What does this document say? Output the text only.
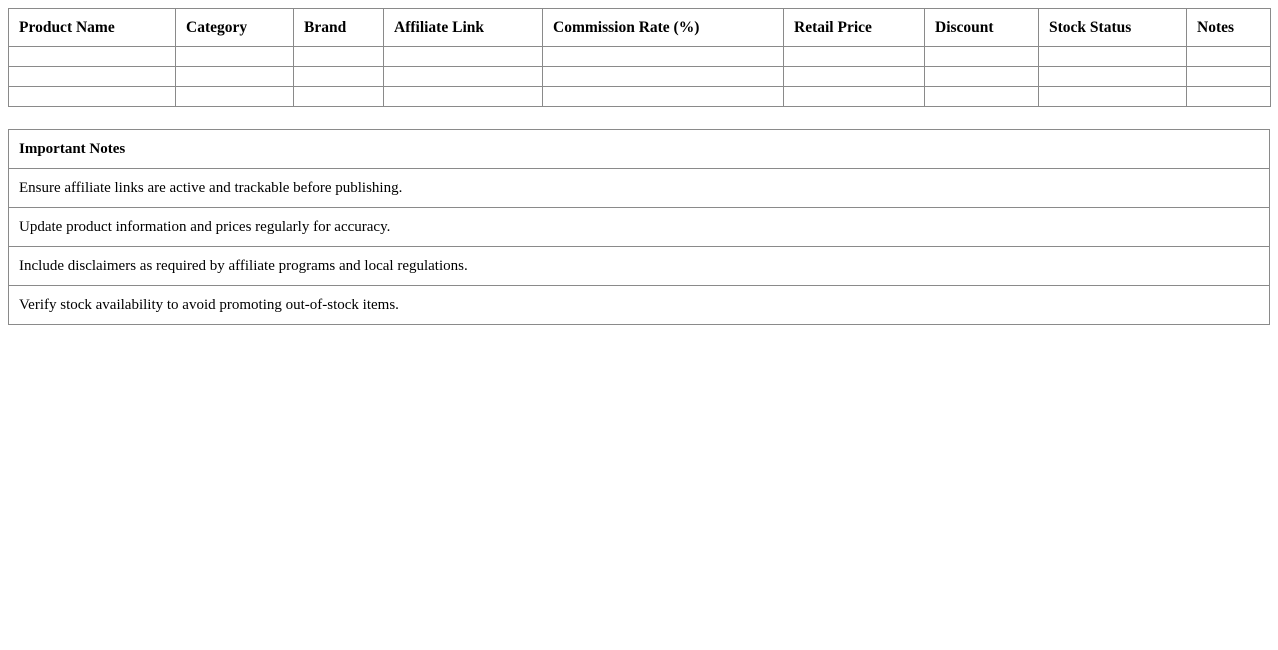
Product Name	Category	Brand	Affiliate Link	Commission Rate (%)	Retail Price	Discount	Stock Status	Notes

Important Notes
Ensure affiliate links are active and trackable before publishing.
Update product information and prices regularly for accuracy.
Include disclaimers as required by affiliate programs and local regulations.
Verify stock availability to avoid promoting out-of-stock items.
